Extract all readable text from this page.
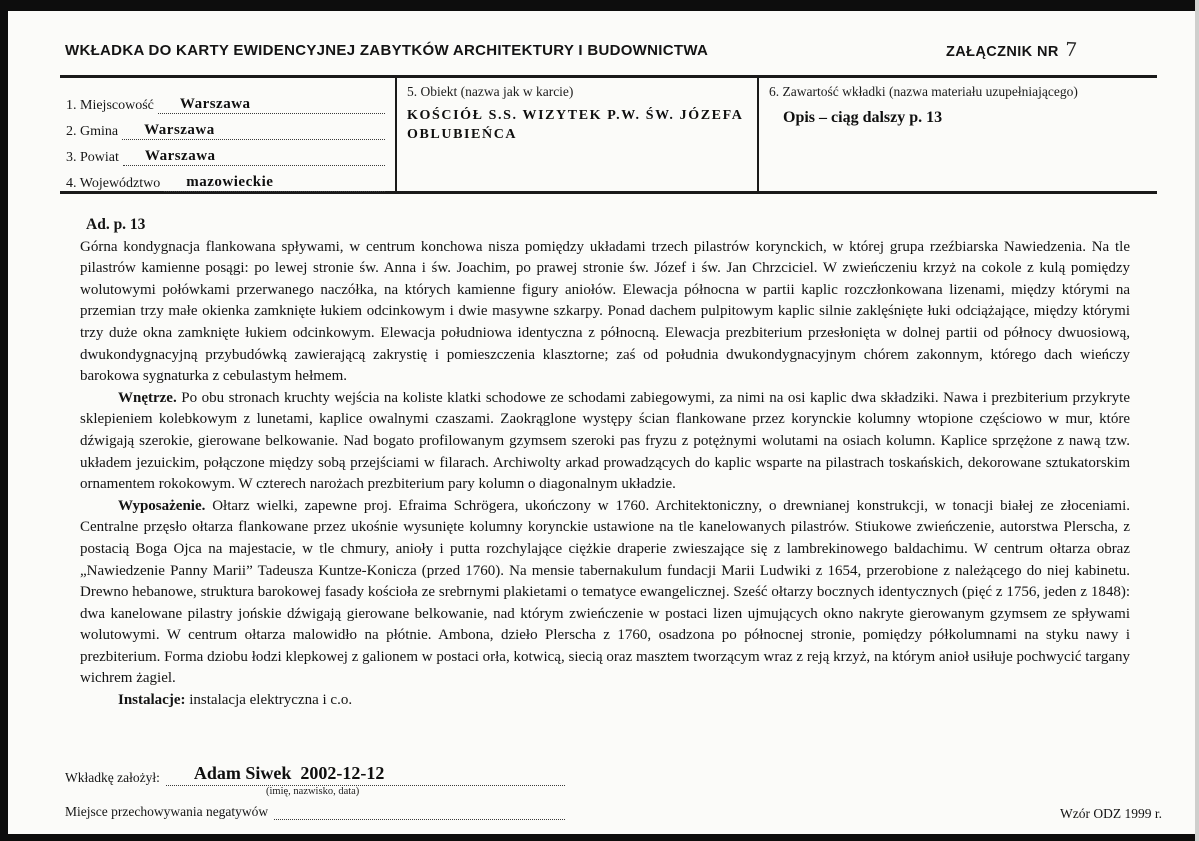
WKŁADKA DO KARTY EWIDENCYJNEJ ZABYTKÓW ARCHITEKTURY I BUDOWNICTWA	ZAŁĄCZNIK NR 7
1. Miejscowość Warszawa
2. Gmina Warszawa
3. Powiat Warszawa
4. Województwo mazowieckie
5. Obiekt (nazwa jak w karcie)
KOŚCIÓŁ S.S. WIZYTEK P.W. ŚW. JÓZEFA OBLUBIEŃCA
6. Zawartość wkładki (nazwa materiału uzupełniającego)
Opis – ciąg dalszy p. 13

Ad. p. 13

Górna kondygnacja flankowana spływami, w centrum konchowa nisza pomiędzy układami trzech pilastrów korynckich, w której grupa rzeźbiarska Nawiedzenia. Na tle pilastrów kamienne posągi: po lewej stronie św. Anna i św. Joachim, po prawej stronie św. Józef i św. Jan Chrzciciel. W zwieńczeniu krzyż na cokole z kulą pomiędzy wolutowymi połówkami przerwanego naczółka, na których kamienne figury aniołów. Elewacja północna w partii kaplic rozczłonkowana lizenami, między którymi na przemian trzy małe okienka zamknięte łukiem odcinkowym i dwie masywne szkarpy. Ponad dachem pulpitowym kaplic silnie zaklęśnięte łuki odciążające, między którymi trzy duże okna zamknięte łukiem odcinkowym. Elewacja południowa identyczna z północną. Elewacja prezbiterium przesłonięta w dolnej partii od północy dwuosiową, dwukondygnacyjną przybudówką zawierającą zakrystię i pomieszczenia klasztorne; zaś od południa dwukondygnacyjnym chórem zakonnym, którego dach wieńczy barokowa sygnaturka z cebulastym hełmem.

Wnętrze. Po obu stronach kruchty wejścia na koliste klatki schodowe ze schodami zabiegowymi, za nimi na osi kaplic dwa składziki. Nawa i prezbiterium przykryte sklepieniem kolebkowym z lunetami, kaplice owalnymi czaszami. Zaokrąglone występy ścian flankowane przez korynckie kolumny wtopione częściowo w mur, które dźwigają szerokie, gierowane belkowanie. Nad bogato profilowanym gzymsem szeroki pas fryzu z potężnymi wolutami na osiach kolumn. Kaplice sprzężone z nawą tzw. układem jezuickim, połączone między sobą przejściami w filarach. Archiwolty arkad prowadzących do kaplic wsparte na pilastrach toskańskich, dekorowane sztukatorskim ornamentem rokokowym. W czterech narożach prezbiterium pary kolumn o diagonalnym układzie.

Wyposażenie. Ołtarz wielki, zapewne proj. Efraima Schrögera, ukończony w 1760. Architektoniczny, o drewnianej konstrukcji, w tonacji białej ze złoceniami. Centralne przęsło ołtarza flankowane przez ukośnie wysunięte kolumny korynckie ustawione na tle kanelowanych pilastrów. Stiukowe zwieńczenie, autorstwa Plerscha, z postacią Boga Ojca na majestacie, w tle chmury, anioły i putta rozchylające ciężkie draperie zwieszające się z lambrekinowego baldachimu. W centrum ołtarza obraz „Nawiedzenie Panny Marii” Tadeusza Kuntze-Konicza (przed 1760). Na mensie tabernakulum fundacji Marii Ludwiki z 1654, przerobione z należącego do niej kabinetu. Drewno hebanowe, struktura barokowej fasady kościoła ze srebrnymi plakietami o tematyce ewangelicznej. Sześć ołtarzy bocznych identycznych (pięć z 1756, jeden z 1848): dwa kanelowane pilastry jońskie dźwigają gierowane belkowanie, nad którym zwieńczenie w postaci lizen ujmujących okno nakryte gierowanym gzymsem ze spływami wolutowymi. W centrum ołtarza malowidło na płótnie. Ambona, dzieło Plerscha z 1760, osadzona po północnej stronie, pomiędzy półkolumnami na styku nawy i prezbiterium. Forma dziobu łodzi klepkowej z galionem w postaci orła, kotwicą, siecią oraz masztem tworzącym wraz z reją krzyż, na którym anioł usiłuje pochwycić targany wichrem żagiel.

Instalacje: instalacja elektryczna i c.o.

Wkładkę założył:	Adam Siwek  2002-12-12
(imię, nazwisko, data)
Miejsce przechowywania negatywów	Wzór ODZ 1999 r.
